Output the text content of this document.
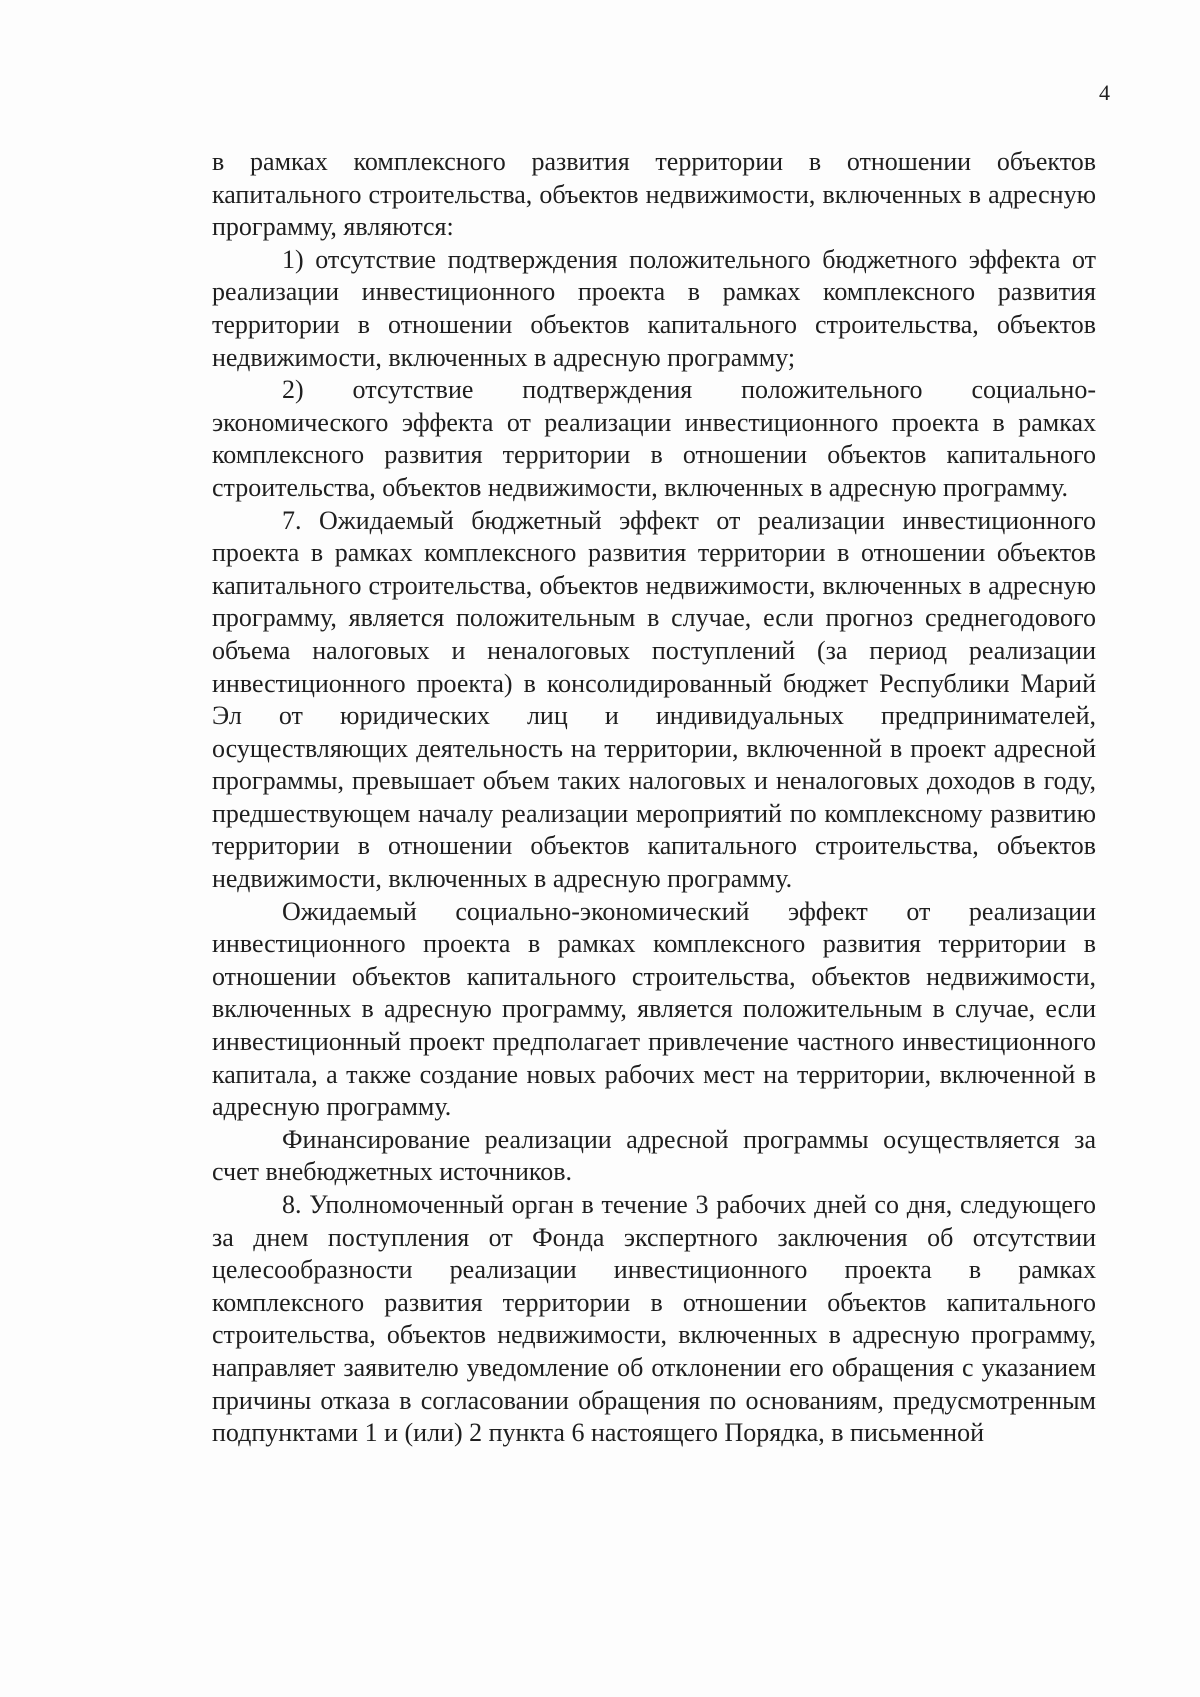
4

в рамках комплексного развития территории в отношении объектов капитального строительства, объектов недвижимости, включенных в адресную программу, являются:

1) отсутствие подтверждения положительного бюджетного эффекта от реализации инвестиционного проекта в рамках комплексного развития территории в отношении объектов капитального строительства, объектов недвижимости, включенных в адресную программу;

2) отсутствие подтверждения положительного социально-экономического эффекта от реализации инвестиционного проекта в рамках комплексного развития территории в отношении объектов капитального строительства, объектов недвижимости, включенных в адресную программу.

7. Ожидаемый бюджетный эффект от реализации инвестиционного проекта в рамках комплексного развития территории в отношении объектов капитального строительства, объектов недвижимости, включенных в адресную программу, является положительным в случае, если прогноз среднегодового объема налоговых и неналоговых поступлений (за период реализации инвестиционного проекта) в консолидированный бюджет Республики Марий Эл от юридических лиц и индивидуальных предпринимателей, осуществляющих деятельность на территории, включенной в проект адресной программы, превышает объем таких налоговых и неналоговых доходов в году, предшествующем началу реализации мероприятий по комплексному развитию территории в отношении объектов капитального строительства, объектов недвижимости, включенных в адресную программу.

Ожидаемый социально-экономический эффект от реализации инвестиционного проекта в рамках комплексного развития территории в отношении объектов капитального строительства, объектов недвижимости, включенных в адресную программу, является положительным в случае, если инвестиционный проект предполагает привлечение частного инвестиционного капитала, а также создание новых рабочих мест на территории, включенной в адресную программу.

Финансирование реализации адресной программы осуществляется за счет внебюджетных источников.

8. Уполномоченный орган в течение 3 рабочих дней со дня, следующего за днем поступления от Фонда экспертного заключения об отсутствии целесообразности реализации инвестиционного проекта в рамках комплексного развития территории в отношении объектов капитального строительства, объектов недвижимости, включенных в адресную программу, направляет заявителю уведомление об отклонении его обращения с указанием причины отказа в согласовании обращения по основаниям, предусмотренным подпунктами 1 и (или) 2 пункта 6 настоящего Порядка, в письменной
